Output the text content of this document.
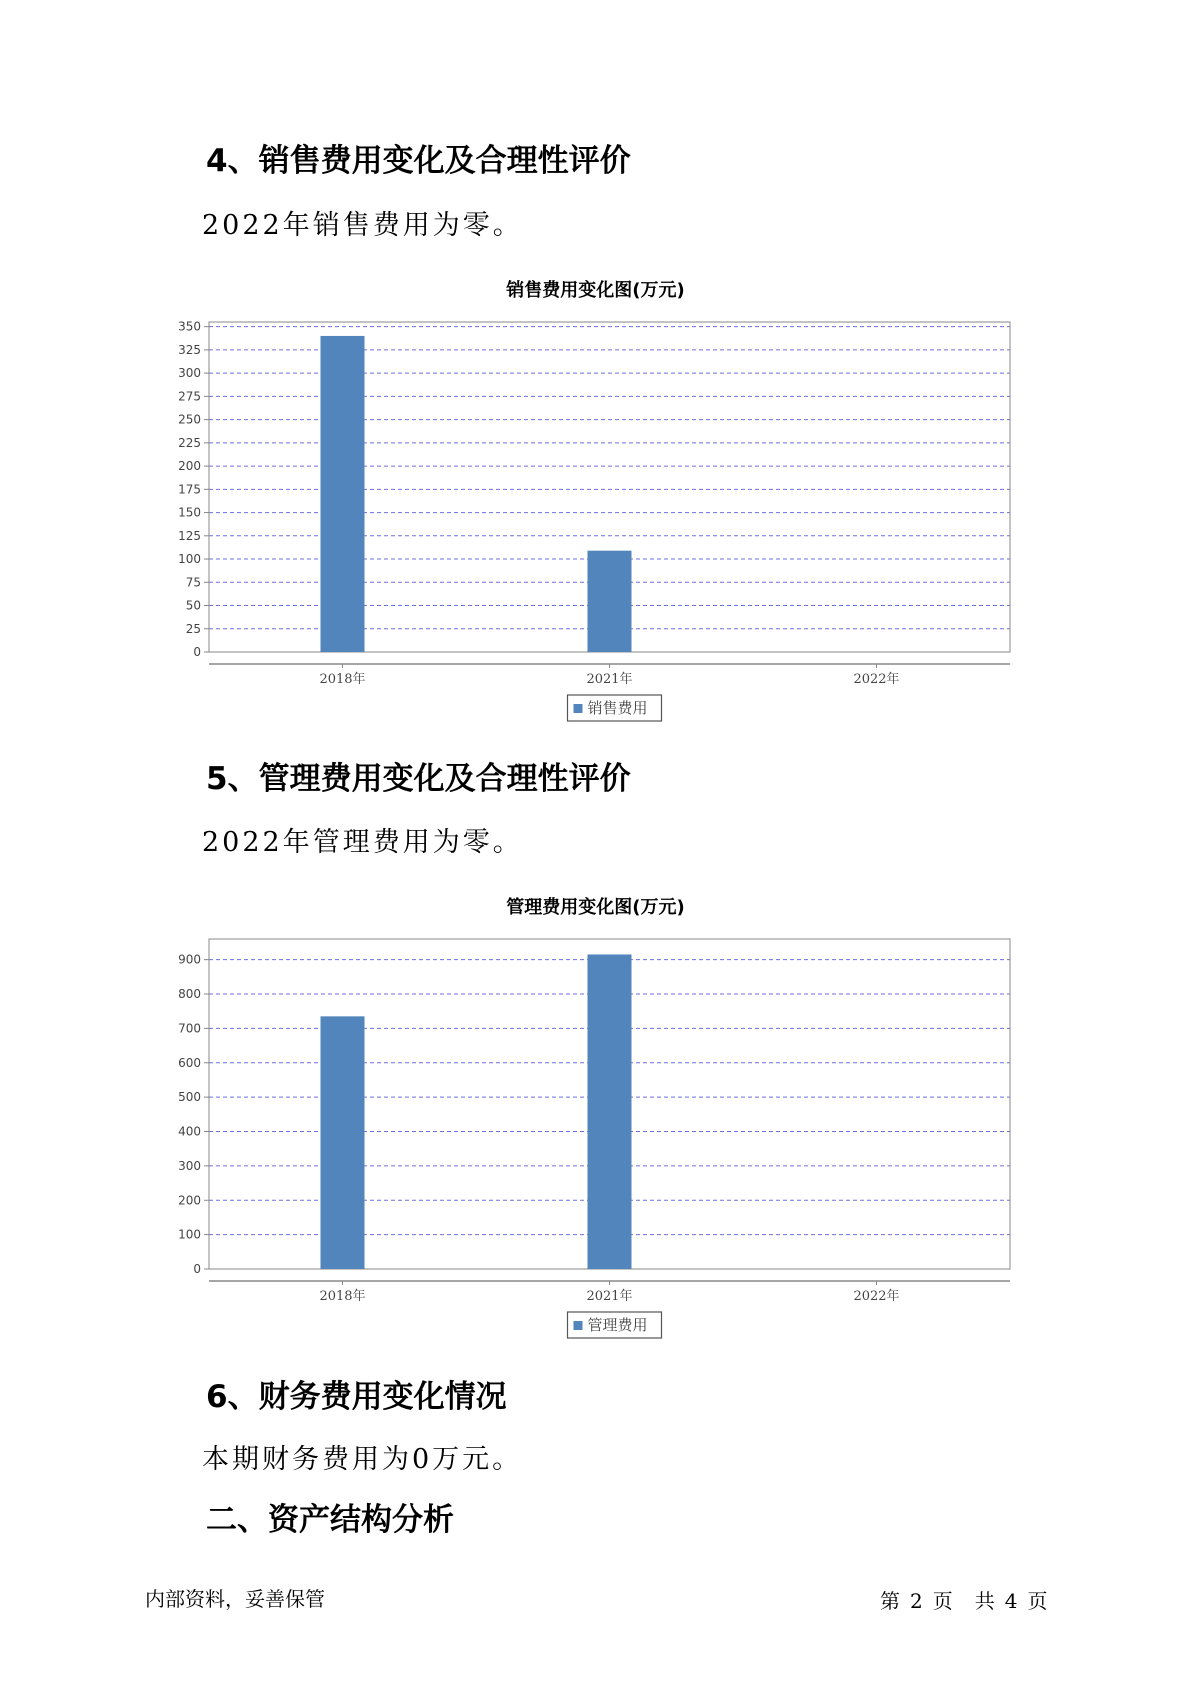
4、销售费用变化及合理性评价

2022年销售费用为零。

销售费用变化图(万元)
0
25
50
75
100
125
150
175
200
225
250
275
300
325
350
2018年	2021年	2022年
销售费用
5、管理费用变化及合理性评价

2022年管理费用为零。

管理费用变化图(万元)
0
100
200
300
400
500
600
700
800
900
2018年	2021年	2022年
管理费用
6、财务费用变化情况

本期财务费用为0万元。

二、资产结构分析
内部资料，妥善保管	第 2 页 共 4 页
